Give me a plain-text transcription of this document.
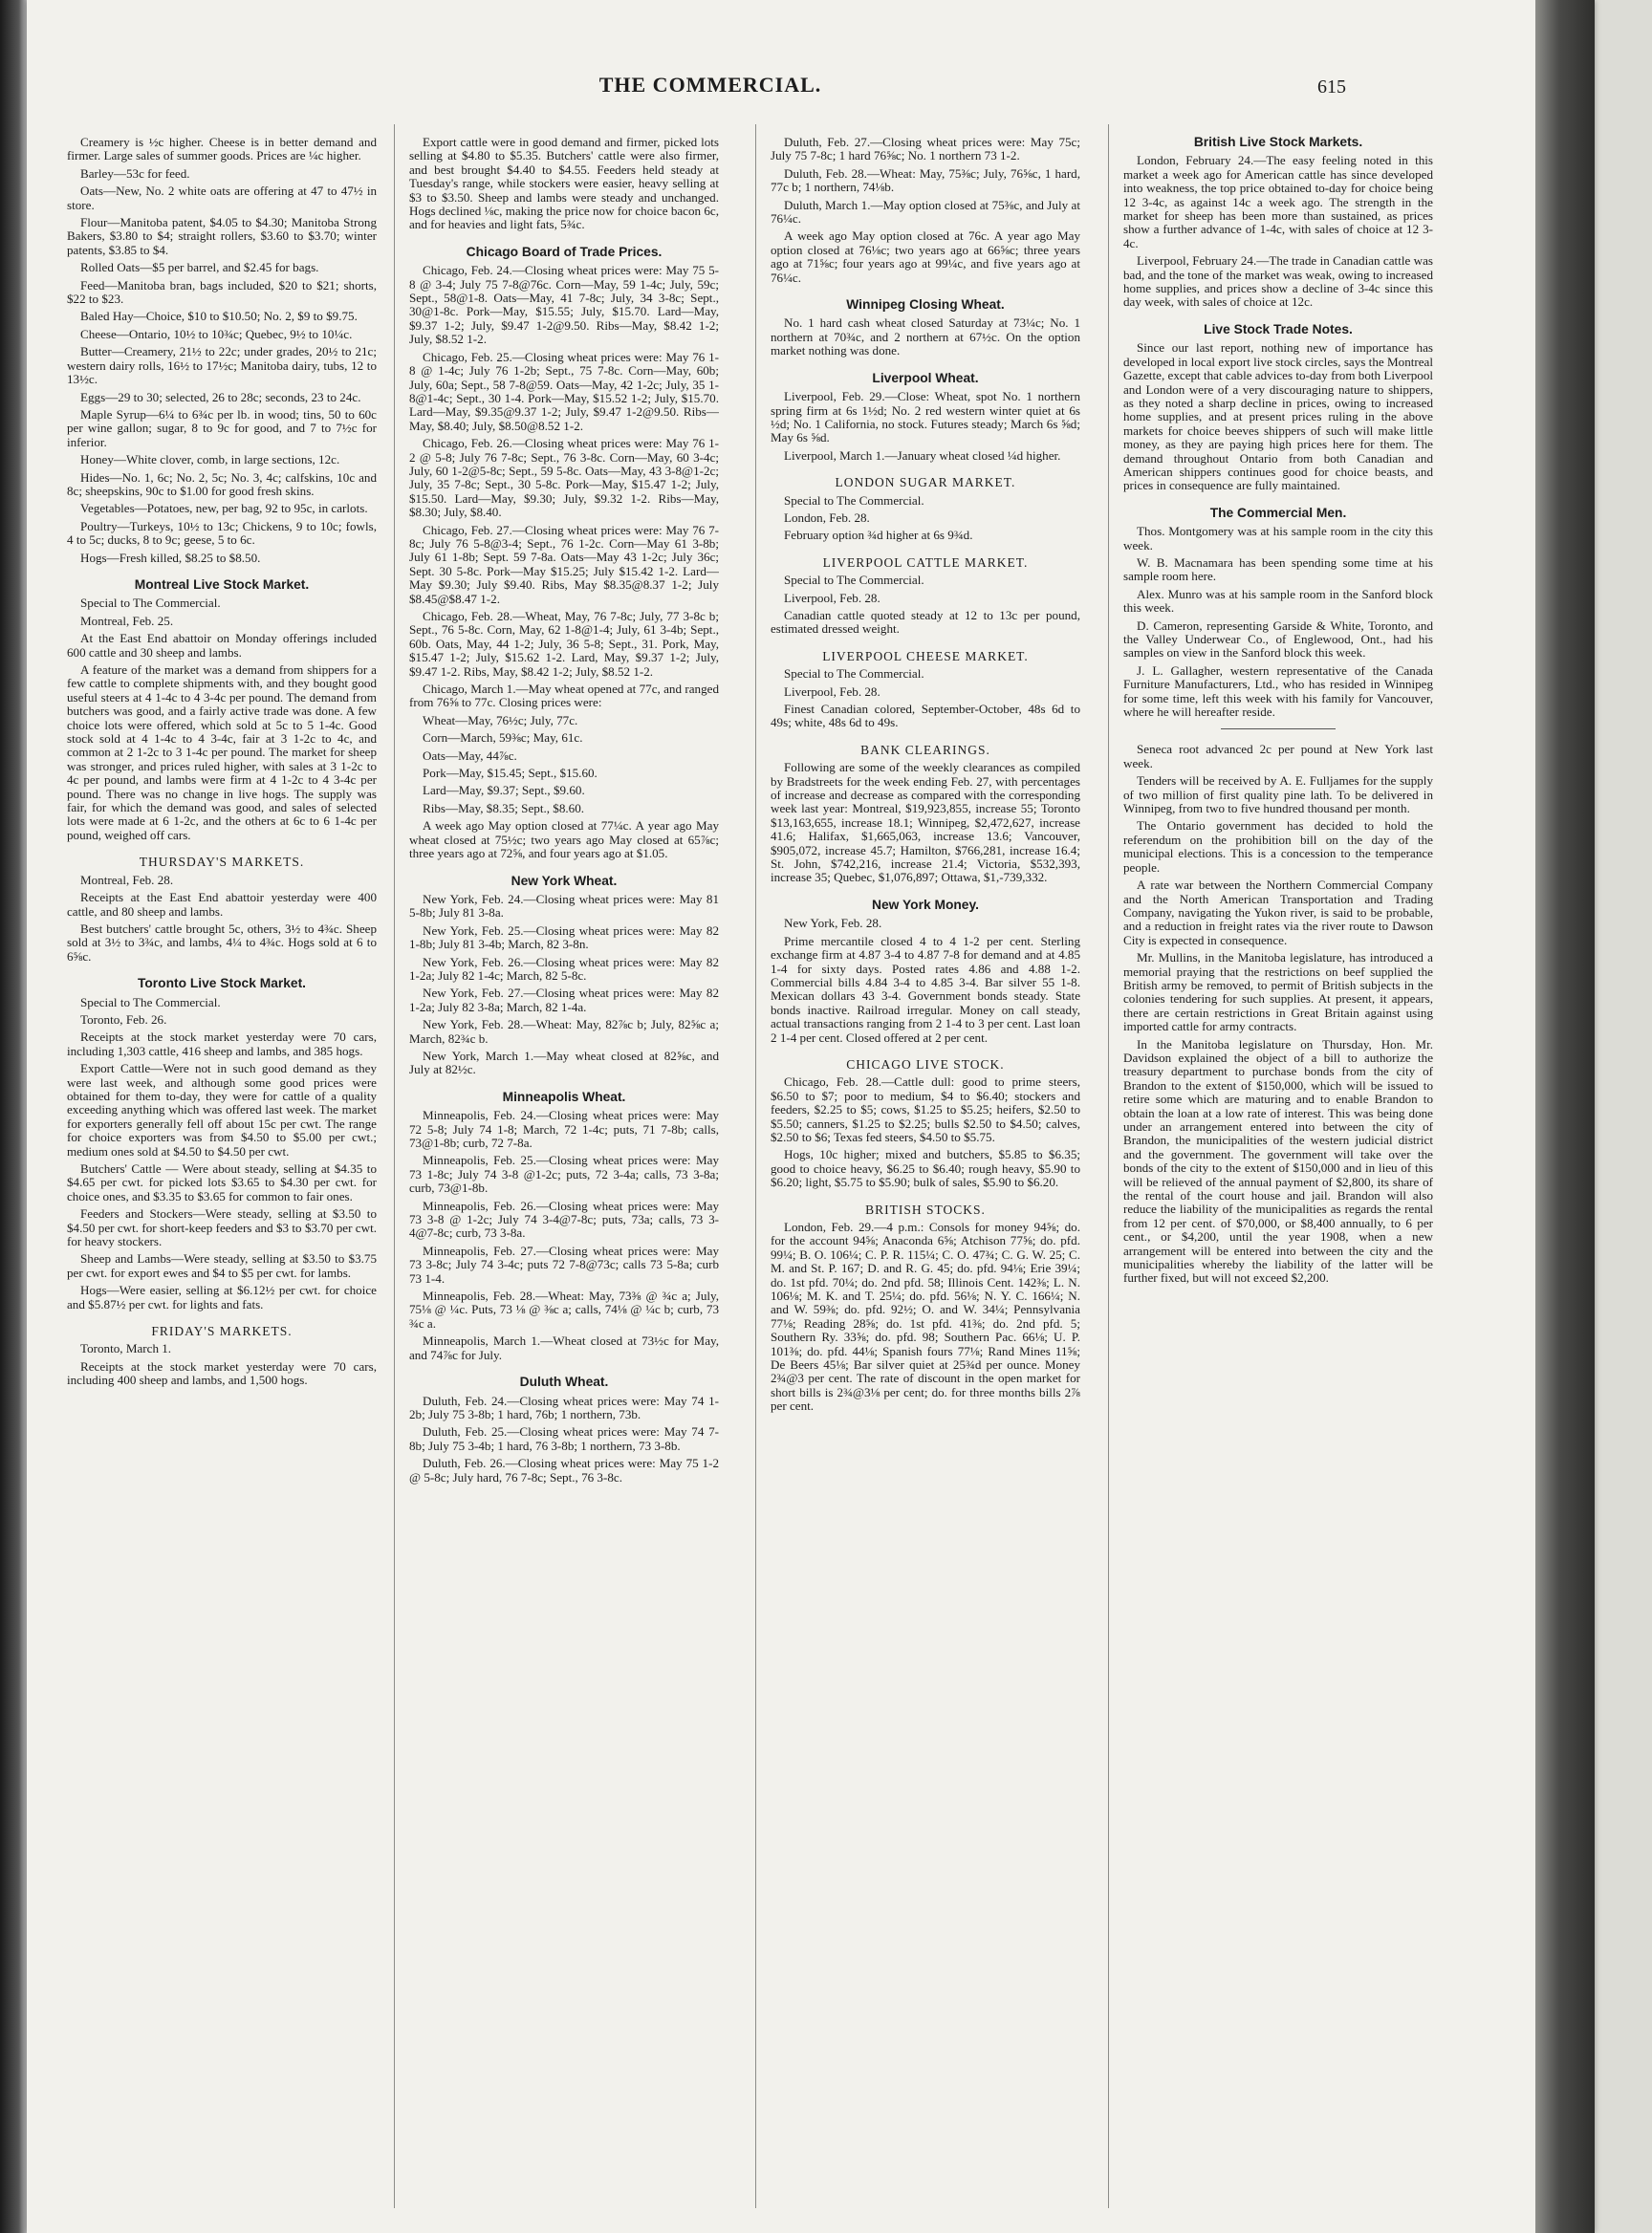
THE COMMERCIAL.	615

Creamery is ½c higher. Cheese is in better demand and firmer. Large sales of summer goods. Prices are ¼c higher.

Barley—53c for feed.

Oats—New, No. 2 white oats are offering at 47 to 47½ in store.

Flour—Manitoba patent, $4.05 to $4.30; Manitoba Strong Bakers, $3.80 to $4; straight rollers, $3.60 to $3.70; winter patents, $3.85 to $4.

Rolled Oats—$5 per barrel, and $2.45 for bags.

Feed—Manitoba bran, bags included, $20 to $21; shorts, $22 to $23.

Baled Hay—Choice, $10 to $10.50; No. 2, $9 to $9.75.

Cheese—Ontario, 10½ to 10¾c; Quebec, 9½ to 10¼c.

Butter—Creamery, 21½ to 22c; under grades, 20½ to 21c; western dairy rolls, 16½ to 17½c; Manitoba dairy, tubs, 12 to 13½c.

Eggs—29 to 30; selected, 26 to 28c; seconds, 23 to 24c.

Maple Syrup—6¼ to 6¾c per lb. in wood; tins, 50 to 60c per wine gallon; sugar, 8 to 9c for good, and 7 to 7½c for inferior.

Honey—White clover, comb, in large sections, 12c.

Hides—No. 1, 6c; No. 2, 5c; No. 3, 4c; calfskins, 10c and 8c; sheepskins, 90c to $1.00 for good fresh skins.

Vegetables—Potatoes, new, per bag, 92 to 95c, in carlots.

Poultry—Turkeys, 10½ to 13c; Chickens, 9 to 10c; fowls, 4 to 5c; ducks, 8 to 9c; geese, 5 to 6c.

Hogs—Fresh killed, $8.25 to $8.50.

Montreal Live Stock Market.

Special to The Commercial.

Montreal, Feb. 25.

At the East End abattoir on Monday offerings included 600 cattle and 30 sheep and lambs.

A feature of the market was a demand from shippers for a few cattle to complete shipments with, and they bought good useful steers at 4 1-4c to 4 3-4c per pound. The demand from butchers was good, and a fairly active trade was done. A few choice lots were offered, which sold at 5c to 5 1-4c. Good stock sold at 4 1-4c to 4 3-4c, fair at 3 1-2c to 4c, and common at 2 1-2c to 3 1-4c per pound. The market for sheep was stronger, and prices ruled higher, with sales at 3 1-2c to 4c per pound, and lambs were firm at 4 1-2c to 4 3-4c per pound. There was no change in live hogs. The supply was fair, for which the demand was good, and sales of selected lots were made at 6 1-2c, and the others at 6c to 6 1-4c per pound, weighed off cars.

THURSDAY'S MARKETS.

Montreal, Feb. 28.

Receipts at the East End abattoir yesterday were 400 cattle, and 80 sheep and lambs.

Best butchers' cattle brought 5c, others, 3½ to 4¾c. Sheep sold at 3½ to 3¾c, and lambs, 4¼ to 4¾c. Hogs sold at 6 to 6⅝c.

Toronto Live Stock Market.

Special to The Commercial.

Toronto, Feb. 26.

Receipts at the stock market yesterday were 70 cars, including 1,303 cattle, 416 sheep and lambs, and 385 hogs.

Export Cattle—Were not in such good demand as they were last week, and although some good prices were obtained for them to-day, they were for cattle of a quality exceeding anything which was offered last week. The market for exporters generally fell off about 15c per cwt. The range for choice exporters was from $4.50 to $5.00 per cwt.; medium ones sold at $4.50 to $4.50 per cwt.

Butchers' Cattle — Were about steady, selling at $4.35 to $4.65 per cwt. for picked lots $3.65 to $4.30 per cwt. for choice ones, and $3.35 to $3.65 for common to fair ones.

Feeders and Stockers—Were steady, selling at $3.50 to $4.50 per cwt. for short-keep feeders and $3 to $3.70 per cwt. for heavy stockers.

Sheep and Lambs—Were steady, selling at $3.50 to $3.75 per cwt. for export ewes and $4 to $5 per cwt. for lambs.

Hogs—Were easier, selling at $6.12½ per cwt. for choice and $5.87½ per cwt. for lights and fats.

FRIDAY'S MARKETS.

Toronto, March 1.

Receipts at the stock market yesterday were 70 cars, including 400 sheep and lambs, and 1,500 hogs.

Export cattle were in good demand and firmer, picked lots selling at $4.80 to $5.35. Butchers' cattle were also firmer, and best brought $4.40 to $4.55. Feeders held steady at Tuesday's range, while stockers were easier, heavy selling at $3 to $3.50. Sheep and lambs were steady and unchanged. Hogs declined ⅛c, making the price now for choice bacon 6c, and for heavies and light fats, 5¾c.

Chicago Board of Trade Prices.

Chicago, Feb. 24.—Closing wheat prices were: May 75 5-8 @ 3-4; July 75 7-8@76c. Corn—May, 59 1-4c; July, 59c; Sept., 58@1-8. Oats—May, 41 7-8c; July, 34 3-8c; Sept., 30@1-8c. Pork—May, $15.55; July, $15.70. Lard—May, $9.37 1-2; July, $9.47 1-2@9.50. Ribs—May, $8.42 1-2; July, $8.52 1-2.

Chicago, Feb. 25.—Closing wheat prices were: May 76 1-8 @ 1-4c; July 76 1-2b; Sept., 75 7-8c. Corn—May, 60b; July, 60a; Sept., 58 7-8@59. Oats—May, 42 1-2c; July, 35 1-8@1-4c; Sept., 30 1-4. Pork—May, $15.52 1-2; July, $15.70. Lard—May, $9.35@9.37 1-2; July, $9.47 1-2@9.50. Ribs—May, $8.40; July, $8.50@8.52 1-2.

Chicago, Feb. 26.—Closing wheat prices were: May 76 1-2 @ 5-8; July 76 7-8c; Sept., 76 3-8c. Corn—May, 60 3-4c; July, 60 1-2@5-8c; Sept., 59 5-8c. Oats—May, 43 3-8@1-2c; July, 35 7-8c; Sept., 30 5-8c. Pork—May, $15.47 1-2; July, $15.50. Lard—May, $9.30; July, $9.32 1-2. Ribs—May, $8.30; July, $8.40.

Chicago, Feb. 27.—Closing wheat prices were: May 76 7-8c; July 76 5-8@3-4; Sept., 76 1-2c. Corn—May 61 3-8b; July 61 1-8b; Sept. 59 7-8a. Oats—May 43 1-2c; July 36c; Sept. 30 5-8c. Pork—May $15.25; July $15.42 1-2. Lard—May $9.30; July $9.40. Ribs, May $8.35@8.37 1-2; July $8.45@$8.47 1-2.

Chicago, Feb. 28.—Wheat, May, 76 7-8c; July, 77 3-8c b; Sept., 76 5-8c. Corn, May, 62 1-8@1-4; July, 61 3-4b; Sept., 60b. Oats, May, 44 1-2; July, 36 5-8; Sept., 31. Pork, May, $15.47 1-2; July, $15.62 1-2. Lard, May, $9.37 1-2; July, $9.47 1-2. Ribs, May, $8.42 1-2; July, $8.52 1-2.

Chicago, March 1.—May wheat opened at 77c, and ranged from 76⅝ to 77c. Closing prices were:

Wheat—May, 76½c; July, 77c.

Corn—March, 59⅜c; May, 61c.

Oats—May, 44⅞c.

Pork—May, $15.45; Sept., $15.60.

Lard—May, $9.37; Sept., $9.60.

Ribs—May, $8.35; Sept., $8.60.

A week ago May option closed at 77¼c. A year ago May wheat closed at 75½c; two years ago May closed at 65⅞c; three years ago at 72⅝, and four years ago at $1.05.

New York Wheat.

New York, Feb. 24.—Closing wheat prices were: May 81 5-8b; July 81 3-8a.

New York, Feb. 25.—Closing wheat prices were: May 82 1-8b; July 81 3-4b; March, 82 3-8n.

New York, Feb. 26.—Closing wheat prices were: May 82 1-2a; July 82 1-4c; March, 82 5-8c.

New York, Feb. 27.—Closing wheat prices were: May 82 1-2a; July 82 3-8a; March, 82 1-4a.

New York, Feb. 28.—Wheat: May, 82⅞c b; July, 82⅝c a; March, 82¾c b.

New York, March 1.—May wheat closed at 82⅝c, and July at 82½c.

Minneapolis Wheat.

Minneapolis, Feb. 24.—Closing wheat prices were: May 72 5-8; July 74 1-8; March, 72 1-4c; puts, 71 7-8b; calls, 73@1-8b; curb, 72 7-8a.

Minneapolis, Feb. 25.—Closing wheat prices were: May 73 1-8c; July 74 3-8 @1-2c; puts, 72 3-4a; calls, 73 3-8a; curb, 73@1-8b.

Minneapolis, Feb. 26.—Closing wheat prices were: May 73 3-8 @ 1-2c; July 74 3-4@7-8c; puts, 73a; calls, 73 3-4@7-8c; curb, 73 3-8a.

Minneapolis, Feb. 27.—Closing wheat prices were: May 73 3-8c; July 74 3-4c; puts 72 7-8@73c; calls 73 5-8a; curb 73 1-4.

Minneapolis, Feb. 28.—Wheat: May, 73⅜ @ ¾c a; July, 75⅛ @ ¼c. Puts, 73 ⅛ @ ⅜c a; calls, 74⅛ @ ¼c b; curb, 73 ¾c a.

Minneapolis, March 1.—Wheat closed at 73½c for May, and 74⅞c for July.

Duluth Wheat.

Duluth, Feb. 24.—Closing wheat prices were: May 74 1-2b; July 75 3-8b; 1 hard, 76b; 1 northern, 73b.

Duluth, Feb. 25.—Closing wheat prices were: May 74 7-8b; July 75 3-4b; 1 hard, 76 3-8b; 1 northern, 73 3-8b.

Duluth, Feb. 26.—Closing wheat prices were: May 75 1-2 @ 5-8c; July hard, 76 7-8c; Sept., 76 3-8c.

Duluth, Feb. 27.—Closing wheat prices were: May 75c; July 75 7-8c; 1 hard 76⅝c; No. 1 northern 73 1-2.

Duluth, Feb. 28.—Wheat: May, 75⅜c; July, 76⅝c, 1 hard, 77c b; 1 northern, 74⅛b.

Duluth, March 1.—May option closed at 75⅜c, and July at 76¼c.

A week ago May option closed at 76c. A year ago May option closed at 76⅛c; two years ago at 66⅝c; three years ago at 71⅝c; four years ago at 99¼c, and five years ago at 76¼c.

Winnipeg Closing Wheat.

No. 1 hard cash wheat closed Saturday at 73¼c; No. 1 northern at 70¾c, and 2 northern at 67½c. On the option market nothing was done.

Liverpool Wheat.

Liverpool, Feb. 29.—Close: Wheat, spot No. 1 northern spring firm at 6s 1½d; No. 2 red western winter quiet at 6s ½d; No. 1 California, no stock. Futures steady; March 6s ⅝d; May 6s ⅝d.

Liverpool, March 1.—January wheat closed ¼d higher.

LONDON SUGAR MARKET.

Special to The Commercial.

London, Feb. 28.

February option ¾d higher at 6s 9¾d.

LIVERPOOL CATTLE MARKET.

Special to The Commercial.

Liverpool, Feb. 28.

Canadian cattle quoted steady at 12 to 13c per pound, estimated dressed weight.

LIVERPOOL CHEESE MARKET.

Special to The Commercial.

Liverpool, Feb. 28.

Finest Canadian colored, September-October, 48s 6d to 49s; white, 48s 6d to 49s.

BANK CLEARINGS.

Following are some of the weekly clearances as compiled by Bradstreets for the week ending Feb. 27, with percentages of increase and decrease as compared with the corresponding week last year: Montreal, $19,923,855, increase 55; Toronto $13,163,655, increase 18.1; Winnipeg, $2,472,627, increase 41.6; Halifax, $1,665,063, increase 13.6; Vancouver, $905,072, increase 45.7; Hamilton, $766,281, increase 16.4; St. John, $742,216, increase 21.4; Victoria, $532,393, increase 35; Quebec, $1,076,897; Ottawa, $1,-739,332.

New York Money.

New York, Feb. 28.

Prime mercantile closed 4 to 4 1-2 per cent. Sterling exchange firm at 4.87 3-4 to 4.87 7-8 for demand and at 4.85 1-4 for sixty days. Posted rates 4.86 and 4.88 1-2. Commercial bills 4.84 3-4 to 4.85 3-4. Bar silver 55 1-8. Mexican dollars 43 3-4. Government bonds steady. State bonds inactive. Railroad irregular. Money on call steady, actual transactions ranging from 2 1-4 to 3 per cent. Last loan 2 1-4 per cent. Closed offered at 2 per cent.

CHICAGO LIVE STOCK.

Chicago, Feb. 28.—Cattle dull: good to prime steers, $6.50 to $7; poor to medium, $4 to $6.40; stockers and feeders, $2.25 to $5; cows, $1.25 to $5.25; heifers, $2.50 to $5.50; canners, $1.25 to $2.25; bulls $2.50 to $4.50; calves, $2.50 to $6; Texas fed steers, $4.50 to $5.75.

Hogs, 10c higher; mixed and butchers, $5.85 to $6.35; good to choice heavy, $6.25 to $6.40; rough heavy, $5.90 to $6.20; light, $5.75 to $5.90; bulk of sales, $5.90 to $6.20.

BRITISH STOCKS.

London, Feb. 29.—4 p.m.: Consols for money 94⅝; do. for the account 94⅝; Anaconda 6⅝; Atchison 77⅝; do. pfd. 99¼; B. O. 106¼; C. P. R. 115¼; C. O. 47¾; C. G. W. 25; C. M. and St. P. 167; D. and R. G. 45; do. pfd. 94⅛; Erie 39¼; do. 1st pfd. 70¼; do. 2nd pfd. 58; Illinois Cent. 142⅜; L. N. 106⅛; M. K. and T. 25¼; do. pfd. 56⅛; N. Y. C. 166¼; N. and W. 59⅜; do. pfd. 92½; O. and W. 34¼; Pennsylvania 77⅛; Reading 28⅝; do. 1st pfd. 41⅜; do. 2nd pfd. 5; Southern Ry. 33⅝; do. pfd. 98; Southern Pac. 66⅛; U. P. 101⅜; do. pfd. 44⅛; Spanish fours 77⅛; Rand Mines 11⅝; De Beers 45⅛; Bar silver quiet at 25¾d per ounce. Money 2¾@3 per cent. The rate of discount in the open market for short bills is 2¾@3⅛ per cent; do. for three months bills 2⅞ per cent.

British Live Stock Markets.

London, February 24.—The easy feeling noted in this market a week ago for American cattle has since developed into weakness, the top price obtained to-day for choice being 12 3-4c, as against 14c a week ago. The strength in the market for sheep has been more than sustained, as prices show a further advance of 1-4c, with sales of choice at 12 3-4c.

Liverpool, February 24.—The trade in Canadian cattle was bad, and the tone of the market was weak, owing to increased home supplies, and prices show a decline of 3-4c since this day week, with sales of choice at 12c.

Live Stock Trade Notes.

Since our last report, nothing new of importance has developed in local export live stock circles, says the Montreal Gazette, except that cable advices to-day from both Liverpool and London were of a very discouraging nature to shippers, as they noted a sharp decline in prices, owing to increased home supplies, and at present prices ruling in the above markets for choice beeves shippers of such will make little money, as they are paying high prices here for them. The demand throughout Ontario from both Canadian and American shippers continues good for choice beasts, and prices in consequence are fully maintained.

The Commercial Men.

Thos. Montgomery was at his sample room in the city this week.

W. B. Macnamara has been spending some time at his sample room here.

Alex. Munro was at his sample room in the Sanford block this week.

D. Cameron, representing Garside & White, Toronto, and the Valley Underwear Co., of Englewood, Ont., had his samples on view in the Sanford block this week.

J. L. Gallagher, western representative of the Canada Furniture Manufacturers, Ltd., who has resided in Winnipeg for some time, left this week with his family for Vancouver, where he will hereafter reside.

Seneca root advanced 2c per pound at New York last week.

Tenders will be received by A. E. Fulljames for the supply of two million of first quality pine lath. To be delivered in Winnipeg, from two to five hundred thousand per month.

The Ontario government has decided to hold the referendum on the prohibition bill on the day of the municipal elections. This is a concession to the temperance people.

A rate war between the Northern Commercial Company and the North American Transportation and Trading Company, navigating the Yukon river, is said to be probable, and a reduction in freight rates via the river route to Dawson City is expected in consequence.

Mr. Mullins, in the Manitoba legislature, has introduced a memorial praying that the restrictions on beef supplied the British army be removed, to permit of British subjects in the colonies tendering for such supplies. At present, it appears, there are certain restrictions in Great Britain against using imported cattle for army contracts.

In the Manitoba legislature on Thursday, Hon. Mr. Davidson explained the object of a bill to authorize the treasury department to purchase bonds from the city of Brandon to the extent of $150,000, which will be issued to retire some which are maturing and to enable Brandon to obtain the loan at a low rate of interest. This was being done under an arrangement entered into between the city of Brandon, the municipalities of the western judicial district and the government. The government will take over the bonds of the city to the extent of $150,000 and in lieu of this will be relieved of the annual payment of $2,800, its share of the rental of the court house and jail. Brandon will also reduce the liability of the municipalities as regards the rental from 12 per cent. of $70,000, or $8,400 annually, to 6 per cent., or $4,200, until the year 1908, when a new arrangement will be entered into between the city and the municipalities whereby the liability of the latter will be further fixed, but will not exceed $2,200.
